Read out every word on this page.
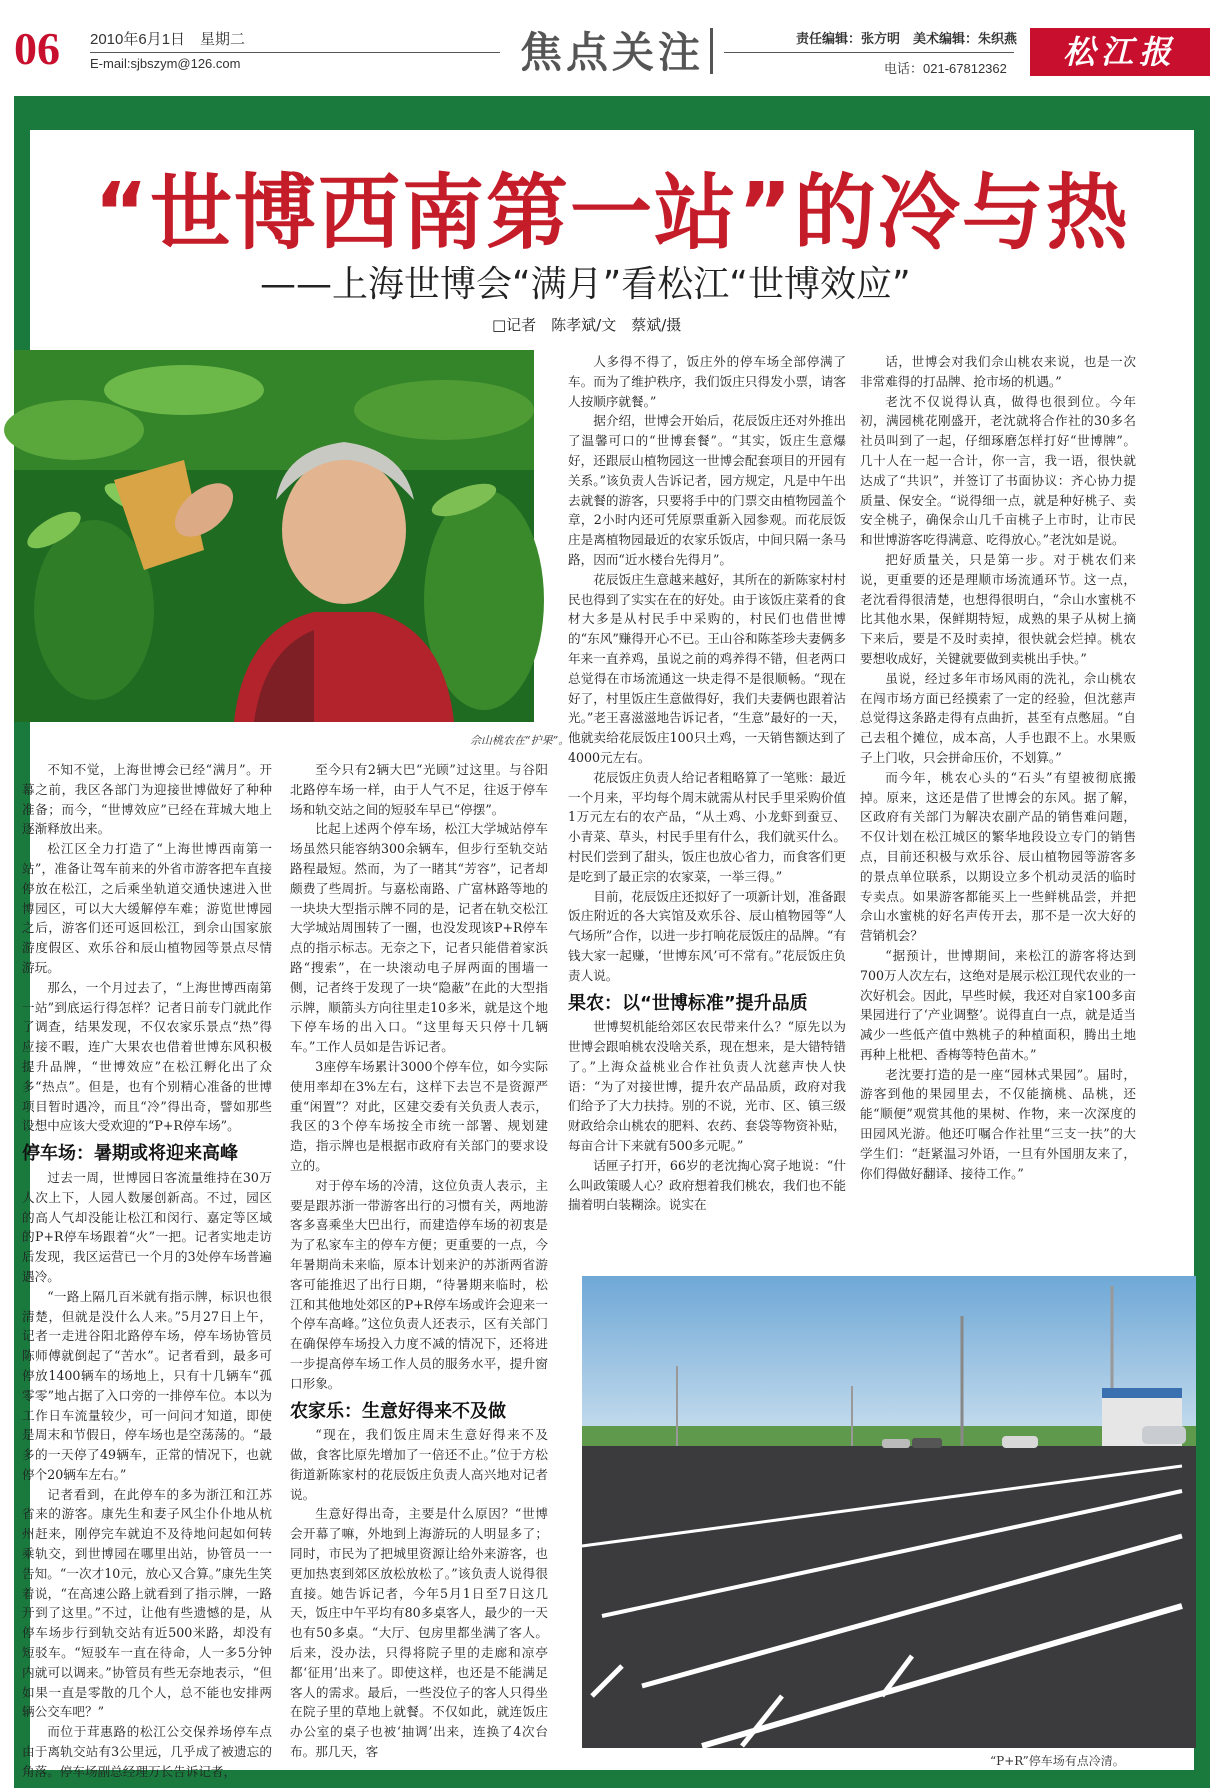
06 2010年6月1日　星期二
E-mail:sjbszym@126.com	焦点关注	责任编辑：张方明　美术编辑：朱织燕
电话：021-67812362	松江报
“世博西南第一站”的冷与热
——上海世博会“满月”看松江“世博效应”
□记者　陈孝斌/文　蔡斌/摄
佘山桃农在“护果”。

不知不觉，上海世博会已经“满月”。开幕之前，我区各部门为迎接世博做好了种种准备；而今，“世博效应”已经在茸城大地上逐渐释放出来。

松江区全力打造了“上海世博西南第一站”，准备让驾车前来的外省市游客把车直接停放在松江，之后乘坐轨道交通快速进入世博园区，可以大大缓解停车难；游览世博园之后，游客们还可返回松江，到佘山国家旅游度假区、欢乐谷和辰山植物园等景点尽情游玩。

那么，一个月过去了，“上海世博西南第一站”到底运行得怎样？记者日前专门就此作了调查，结果发现，不仅农家乐景点“热”得应接不暇，连广大果农也借着世博东风积极提升品牌，“世博效应”在松江孵化出了众多“热点”。但是，也有个别精心准备的世博项目暂时遇冷，而且“冷”得出奇，譬如那些设想中应该大受欢迎的“P+R停车场”。

停车场：暑期或将迎来高峰

过去一周，世博园日客流量维持在30万人次上下，人园人数屡创新高。不过，园区的高人气却没能让松江和闵行、嘉定等区域的P+R停车场跟着“火”一把。记者实地走访后发现，我区运营已一个月的3处停车场普遍遇冷。

“一路上隔几百米就有指示牌，标识也很清楚，但就是没什么人来。”5月27日上午，记者一走进谷阳北路停车场，停车场协管员陈师傅就倒起了“苦水”。记者看到，最多可停放1400辆车的场地上，只有十几辆车“孤零零”地占据了入口旁的一排停车位。本以为工作日车流量较少，可一问问才知道，即使是周末和节假日，停车场也是空荡荡的。“最多的一天停了49辆车，正常的情况下，也就停个20辆车左右。”

记者看到，在此停车的多为浙江和江苏省来的游客。康先生和妻子风尘仆仆地从杭州赶来，刚停完车就迫不及待地问起如何转乘轨交，到世博园在哪里出站，协管员一一告知。“一次才10元，放心又合算。”康先生笑着说，“在高速公路上就看到了指示牌，一路开到了这里。”不过，让他有些遗憾的是，从停车场步行到轨交站有近500米路，却没有短驳车。“短驳车一直在待命，人一多5分钟内就可以调来。”协管员有些无奈地表示，“但如果一直是零散的几个人，总不能也安排两辆公交车吧？”

而位于茸惠路的松江公交保养场停车点由于离轨交站有3公里远，几乎成了被遗忘的角落。停车场副总经理万长告诉记者，

至今只有2辆大巴“光顾”过这里。与谷阳北路停车场一样，由于人气不足，往返于停车场和轨交站之间的短驳车早已“停摆”。

比起上述两个停车场，松江大学城站停车场虽然只能容纳300余辆车，但步行至轨交站路程最短。然而，为了一睹其“芳容”，记者却颇费了些周折。与嘉松南路、广富林路等地的一块块大型指示牌不同的是，记者在轨交松江大学城站周围转了一圈，也没发现该P+R停车点的指示标志。无奈之下，记者只能借着家浜路“搜索”，在一块滚动电子屏两面的围墙一侧，记者终于发现了一块“隐蔽”在此的大型指示牌，顺箭头方向往里走10多米，就是这个地下停车场的出入口。“这里每天只停十几辆车。”工作人员如是告诉记者。

3座停车场累计3000个停车位，如今实际使用率却在3%左右，这样下去岂不是资源严重“闲置”？对此，区建交委有关负责人表示，我区的3个停车场按全市统一部署、规划建造，指示牌也是根据市政府有关部门的要求设立的。

对于停车场的冷清，这位负责人表示，主要是跟苏浙一带游客出行的习惯有关，两地游客多喜乘坐大巴出行，而建造停车场的初衷是为了私家车主的停车方便；更重要的一点，今年暑期尚未来临，原本计划来沪的苏浙两省游客可能推迟了出行日期，“待暑期来临时，松江和其他地处郊区的P+R停车场或许会迎来一个停车高峰。”这位负责人还表示，区有关部门在确保停车场投入力度不减的情况下，还将进一步提高停车场工作人员的服务水平，提升窗口形象。

农家乐：生意好得来不及做

“现在，我们饭庄周末生意好得来不及做，食客比原先增加了一倍还不止。”位于方松街道新陈家村的花辰饭庄负责人高兴地对记者说。

生意好得出奇，主要是什么原因？“世博会开幕了嘛，外地到上海游玩的人明显多了；同时，市民为了把城里资源让给外来游客，也更加热衷到郊区放松放松了。”该负责人说得很直接。她告诉记者，今年5月1日至7日这几天，饭庄中午平均有80多桌客人，最少的一天也有50多桌。“大厅、包房里都坐满了客人。后来，没办法，只得将院子里的走廊和凉亭都‘征用’出来了。即使这样，也还是不能满足客人的需求。最后，一些没位子的客人只得坐在院子里的草地上就餐。不仅如此，就连饭庄办公室的桌子也被‘抽调’出来，连换了4次台布。那几天，客

人多得不得了，饭庄外的停车场全部停满了车。而为了维护秩序，我们饭庄只得发小票，请客人按顺序就餐。”

据介绍，世博会开始后，花辰饭庄还对外推出了温馨可口的“世博套餐”。“其实，饭庄生意爆好，还跟辰山植物园这一世博会配套项目的开园有关系。”该负责人告诉记者，园方规定，凡是中午出去就餐的游客，只要将手中的门票交由植物园盖个章，2小时内还可凭原票重新入园参观。而花辰饭庄是离植物园最近的农家乐饭店，中间只隔一条马路，因而“近水楼台先得月”。

花辰饭庄生意越来越好，其所在的新陈家村村民也得到了实实在在的好处。由于该饭庄菜肴的食材大多是从村民手中采购的，村民们也借世博的“东风”赚得开心不已。王山谷和陈荃珍夫妻俩多年来一直养鸡，虽说之前的鸡养得不错，但老两口总觉得在市场流通这一块走得不是很顺畅。“现在好了，村里饭庄生意做得好，我们夫妻俩也跟着沾光。”老王喜滋滋地告诉记者，“生意”最好的一天，他就卖给花辰饭庄100只土鸡，一天销售额达到了4000元左右。

花辰饭庄负责人给记者粗略算了一笔账：最近一个月来，平均每个周末就需从村民手里采购价值1万元左右的农产品，“从土鸡、小龙虾到蚕豆、小青菜、草头，村民手里有什么，我们就买什么。村民们尝到了甜头，饭庄也放心省力，而食客们更是吃到了最正宗的农家菜，一举三得。”

目前，花辰饭庄还拟好了一项新计划，准备跟饭庄附近的各大宾馆及欢乐谷、辰山植物园等“人气场所”合作，以进一步打响花辰饭庄的品牌。“有钱大家一起赚，‘世博东风’可不常有。”花辰饭庄负责人说。

果农：以“世博标准”提升品质

世博契机能给郊区农民带来什么？“原先以为世博会跟咱桃农没啥关系，现在想来，是大错特错了。”上海众益桃业合作社负责人沈慈声快人快语：“为了对接世博，提升农产品品质，政府对我们给予了大力扶持。别的不说，光市、区、镇三级财政给佘山桃农的肥料、农药、套袋等物资补贴，每亩合计下来就有500多元呢。”

话匣子打开，66岁的老沈掏心窝子地说：“什么叫政策暖人心？政府想着我们桃农，我们也不能揣着明白装糊涂。说实在

话，世博会对我们佘山桃农来说，也是一次非常难得的打品牌、抢市场的机遇。”

老沈不仅说得认真，做得也很到位。今年初，满园桃花刚盛开，老沈就将合作社的30多名社员叫到了一起，仔细琢磨怎样打好“世博牌”。几十人在一起一合计，你一言，我一语，很快就达成了“共识”，并签订了书面协议：齐心协力提质量、保安全。“说得细一点，就是种好桃子、卖安全桃子，确保佘山几千亩桃子上市时，让市民和世博游客吃得满意、吃得放心。”老沈如是说。

把好质量关，只是第一步。对于桃农们来说，更重要的还是理顺市场流通环节。这一点，老沈看得很清楚，也想得很明白，“佘山水蜜桃不比其他水果，保鲜期特短，成熟的果子从树上摘下来后，要是不及时卖掉，很快就会烂掉。桃农要想收成好，关键就要做到卖桃出手快。”

虽说，经过多年市场风雨的洗礼，佘山桃农在闯市场方面已经摸索了一定的经验，但沈慈声总觉得这条路走得有点曲折，甚至有点憋屈。“自己去租个摊位，成本高，人手也跟不上。水果贩子上门收，只会拼命压价，不划算。”

而今年，桃农心头的“石头”有望被彻底搬掉。原来，这还是借了世博会的东风。据了解，区政府有关部门为解决农副产品的销售难问题，不仅计划在松江城区的繁华地段设立专门的销售点，目前还积极与欢乐谷、辰山植物园等游客多的景点单位联系，以期设立多个机动灵活的临时专卖点。如果游客都能买上一些鲜桃品尝，并把佘山水蜜桃的好名声传开去，那不是一次大好的营销机会？

“据预计，世博期间，来松江的游客将达到700万人次左右，这绝对是展示松江现代农业的一次好机会。因此，早些时候，我还对自家100多亩果园进行了‘产业调整’。说得直白一点，就是适当减少一些低产值中熟桃子的种植面积，腾出土地再种上枇杷、香梅等特色苗木。”

老沈要打造的是一座“园林式果园”。届时，游客到他的果园里去，不仅能摘桃、品桃，还能“顺便”观赏其他的果树、作物，来一次深度的田园风光游。他还叮嘱合作社里“三支一扶”的大学生们：“赶紧温习外语，一旦有外国朋友来了，你们得做好翻译、接待工作。”

“P+R”停车场有点冷清。
